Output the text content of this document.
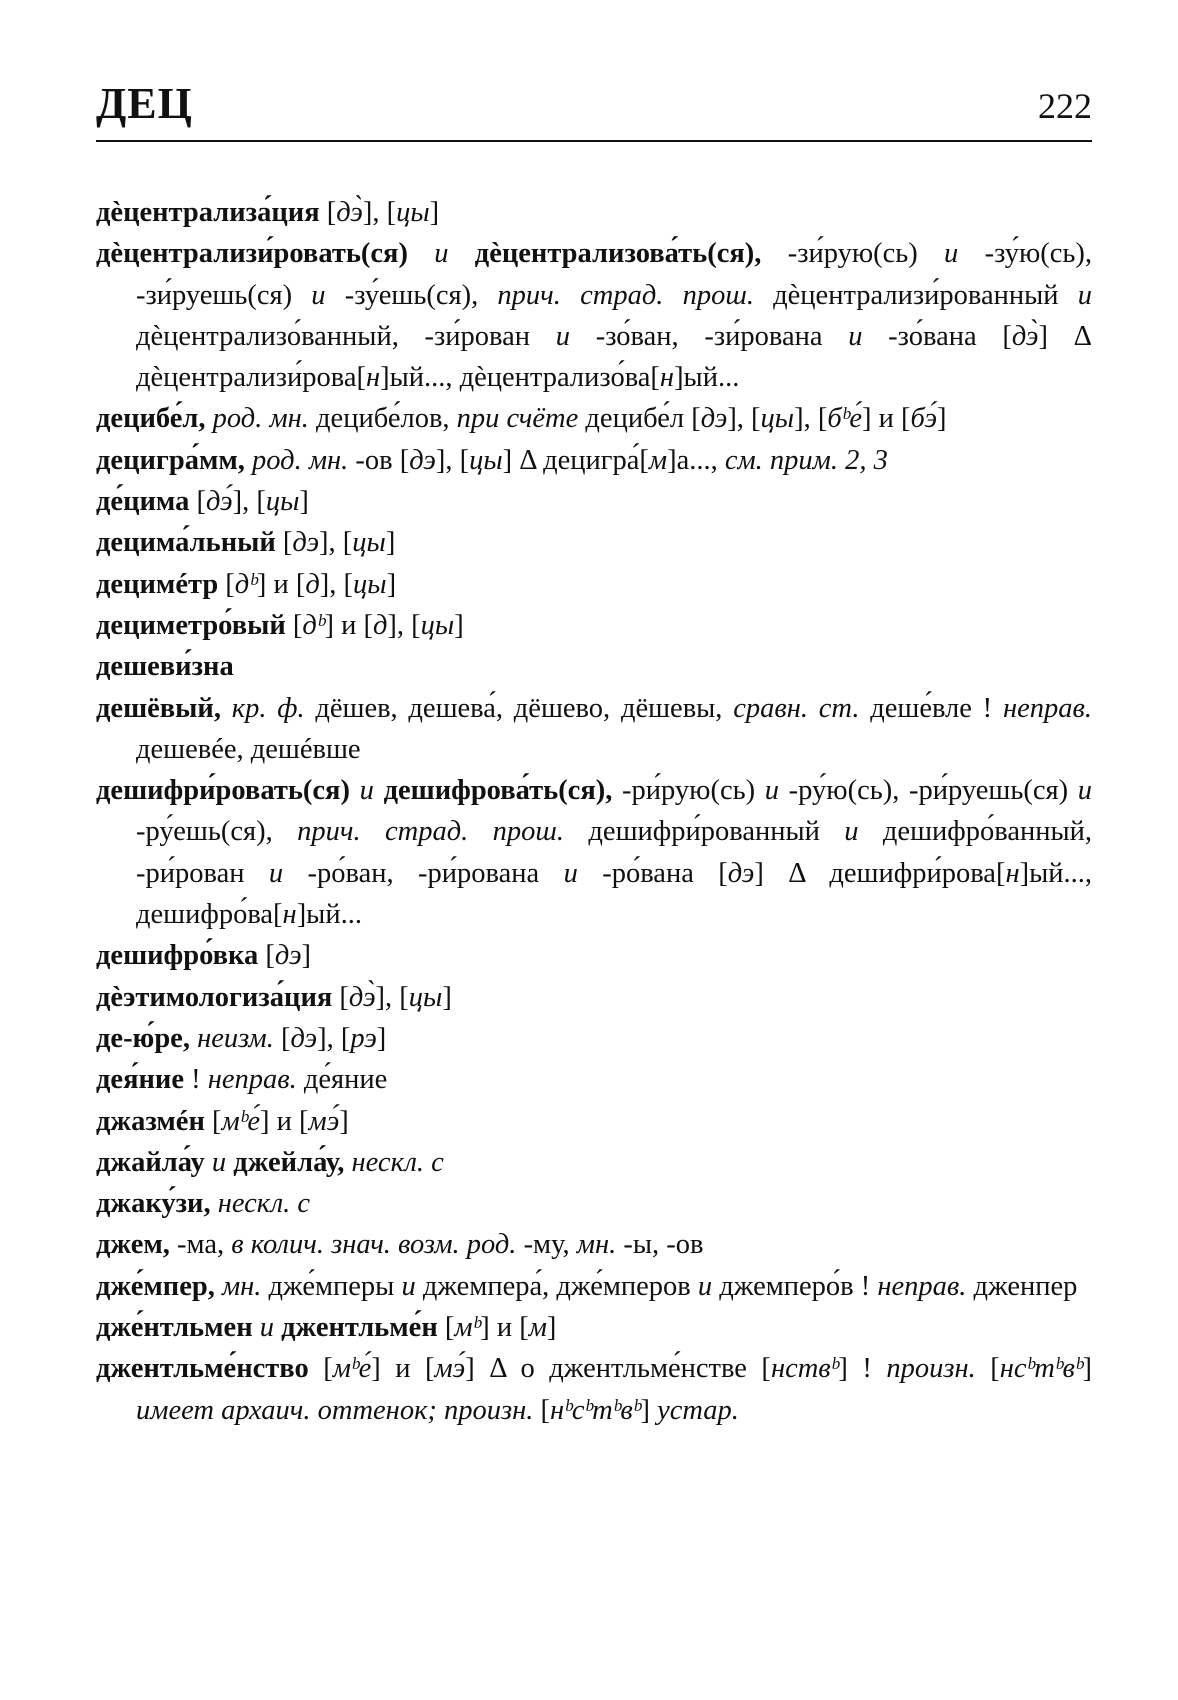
ДЕЦ	222
дѐцентрализа́ция [дэ̀], [цы]
дѐцентрализи́ровать(ся) и дѐцентрализова́ть(ся), -зи́рую(сь) и -зу́ю(сь), -зи́руешь(ся) и -зу́ешь(ся), прич. страд. прош. дѐцентрализи́рованный и дѐцентрализо́ванный, -зи́рован и -зо́ван, -зи́рована и -зо́вана [дэ̀] Δ дѐцентрализи́рова[н]ый..., дѐцентрализо́ва[н]ый...
децибе́л, род. мн. децибе́лов, при счёте децибе́л [дэ], [цы], [бᵇе́] и [бэ́]
децигра́мм, род. мн. -ов [дэ], [цы] Δ децигра́[м]а..., см. прим. 2, 3
де́цима [дэ́], [цы]
децима́льный [дэ], [цы]
децимéтр [дᵇ] и [д], [цы]
дециметро́вый [дᵇ] и [д], [цы]
дешеви́зна
дешёвый, кр. ф. дёшев, дешева́, дёшево, дёшевы, сравн. ст. деше́влe ! неправ. дешевéе, дешéвше
дешифри́ровать(ся) и дешифрова́ть(ся), -ри́рую(сь) и -ру́ю(сь), -ри́руешь(ся) и -ру́ешь(ся), прич. страд. прош. дешифри́рованный и дешифро́ванный, -ри́рован и -ро́ван, -ри́рована и -ро́вана [дэ] Δ дешифри́рова[н]ый..., дешифро́ва[н]ый...
дешифро́вка [дэ]
дѐэтимологиза́ция [дэ̀], [цы]
де-ю́ре, неизм. [дэ], [рэ]
дея́ние ! неправ. де́яние
джазмéн [мᵇе́] и [мэ́]
джайла́у и джейла́у, нескл. с
джаку́зи, нескл. с
джем, -ма, в колич. знач. возм. род. -му, мн. -ы, -ов
дже́мпер, мн. дже́мперы и джемпера́, дже́мперов и джемперо́в ! неправ. дженпер
дже́нтльмен и джентльме́н [мᵇ] и [м]
джентльме́нство [мᵇе́] и [мэ́] Δ о джентльме́нстве [нствᵇ] ! произн. [нсᵇтᵇвᵇ] имеет архаич. оттенок; произн. [нᵇсᵇтᵇвᵇ] устар.
